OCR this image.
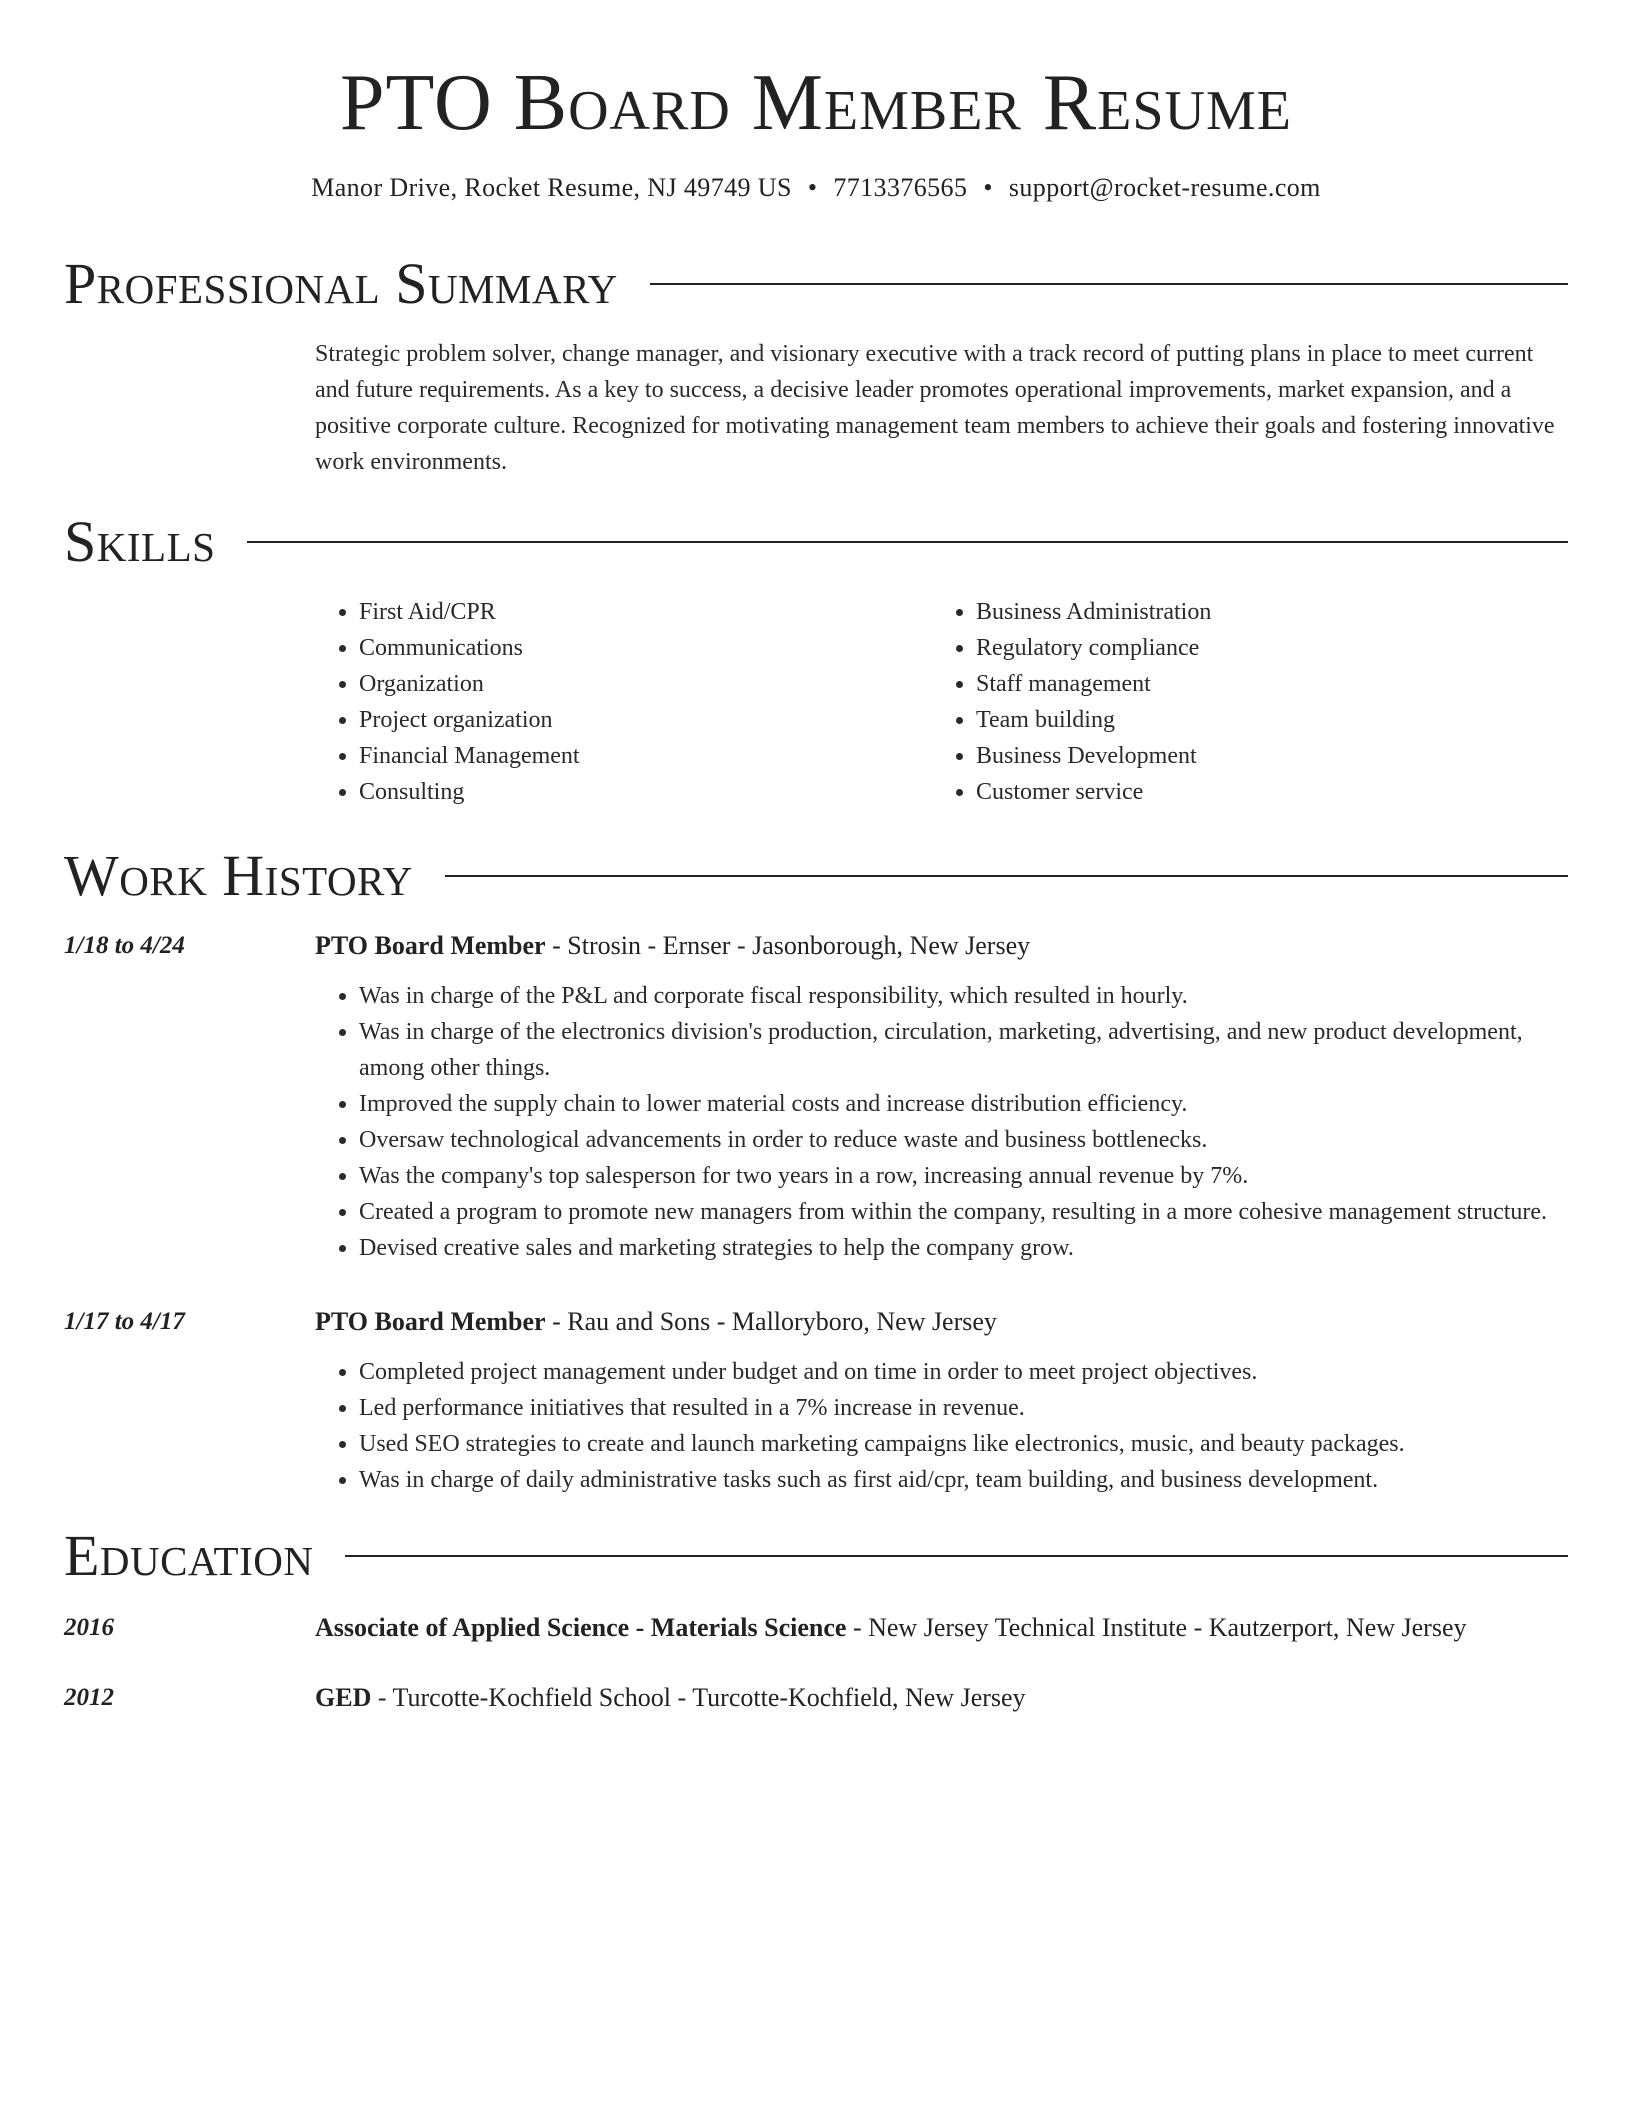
PTO Board Member Resume
Manor Drive, Rocket Resume, NJ 49749 US • 7713376565 • support@rocket-resume.com
Professional Summary

Strategic problem solver, change manager, and visionary executive with a track record of putting plans in place to meet current and future requirements. As a key to success, a decisive leader promotes operational improvements, market expansion, and a positive corporate culture. Recognized for motivating management team members to achieve their goals and fostering innovative work environments.

Skills
• First Aid/CPR
• Communications
• Organization
• Project organization
• Financial Management
• Consulting
• Business Administration
• Regulatory compliance
• Staff management
• Team building
• Business Development
• Customer service
Work History
1/18 to 4/24	PTO Board Member - Strosin - Ernser - Jasonborough, New Jersey
• Was in charge of the P&L and corporate fiscal responsibility, which resulted in hourly.
• Was in charge of the electronics division's production, circulation, marketing, advertising, and new product development, among other things.
• Improved the supply chain to lower material costs and increase distribution efficiency.
• Oversaw technological advancements in order to reduce waste and business bottlenecks.
• Was the company's top salesperson for two years in a row, increasing annual revenue by 7%.
• Created a program to promote new managers from within the company, resulting in a more cohesive management structure.
• Devised creative sales and marketing strategies to help the company grow.
1/17 to 4/17	PTO Board Member - Rau and Sons - Malloryboro, New Jersey
• Completed project management under budget and on time in order to meet project objectives.
• Led performance initiatives that resulted in a 7% increase in revenue.
• Used SEO strategies to create and launch marketing campaigns like electronics, music, and beauty packages.
• Was in charge of daily administrative tasks such as first aid/cpr, team building, and business development.
Education
2016	Associate of Applied Science - Materials Science - New Jersey Technical Institute - Kautzerport, New Jersey
2012	GED - Turcotte-Kochfield School - Turcotte-Kochfield, New Jersey
